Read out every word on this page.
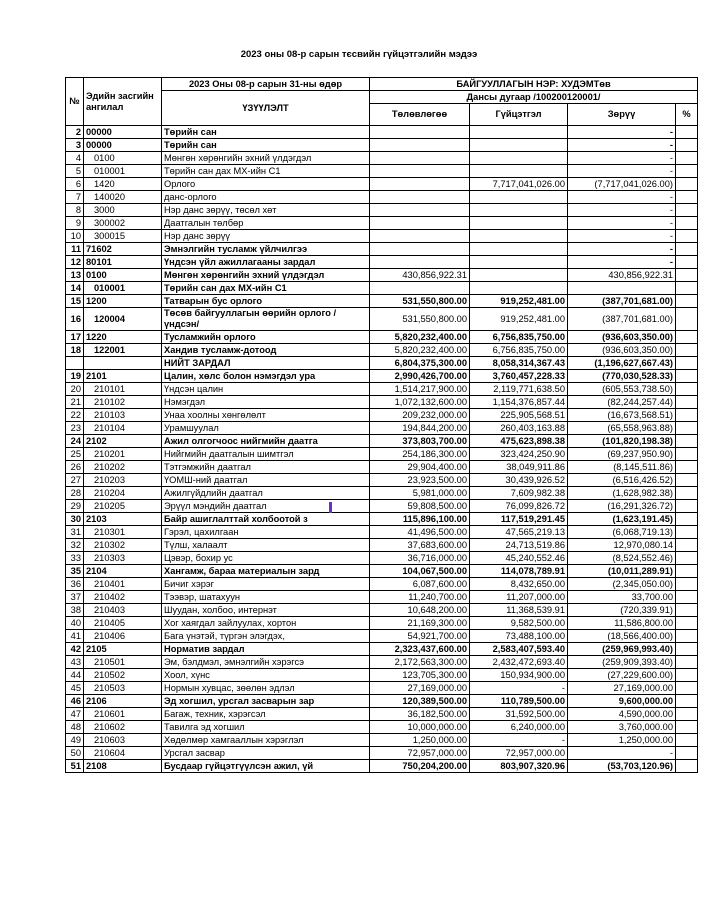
2023 оны 08-р сарын тєсвийн гүйцэтгэлийн мэдээ
№	Эдийн засгийн ангилал	2023 Оны 08-р сарын 31-ны өдөр	БАЙГУУЛЛАГЫН НЭР: ХУДЭМТөв			
		ҮЗҮҮЛЭЛТ	Дансы дугаар /100200120001/			
			Төлөвлөгөө	Гүйцэтгэл	Зөрүү	%
2	00000	Төрийн сан			-	
3	00000	Төрийн сан			-	
4	0100	Мөнгөн хөрөнгийн эхний үлдэгдэл			-	
5	010001	Төрийн сан дах МХ-ийн С1			-	
6	1420	Орлого		7,717,041,026.00	(7,717,041,026.00)	
7	140020	данс-орлого			-	
8	3000	Нэр данс зөрүү, төсөл хөт			-	
9	300002	Даатгалын төлбөр			-	
10	300015	Нэр данс зөрүү			-	
11	71602	Эмнэлгийн тусламж үйлчилгээ			-	
12	80101	Үндсэн үйл ажиллагааны зардал			-	
13	0100	Мөнгөн хөрөнгийн эхний үлдэгдэл	430,856,922.31		430,856,922.31	
14	010001	Төрийн сан дах МХ-ийн С1				
15	1200	Татварын бус орлого	531,550,800.00	919,252,481.00	(387,701,681.00)	
16	120004	Төсөв байгууллагын өөрийн орлого /үндсэн/	531,550,800.00	919,252,481.00	(387,701,681.00)	
17	1220	Тусламжийн орлого	5,820,232,400.00	6,756,835,750.00	(936,603,350.00)	
18	122001	Хандив тусламж-дотоод	5,820,232,400.00	6,756,835,750.00	(936,603,350.00)	
		НИЙТ ЗАРДАЛ	6,804,375,300.00	8,058,314,367.43	(1,196,627,667.43)	
19	2101	Цалин, хөлс болон нэмэгдэл ура	2,990,426,700.00	3,760,457,228.33	(770,030,528.33)	
20	210101	Үндсэн цалин	1,514,217,900.00	2,119,771,638.50	(605,553,738.50)	
21	210102	Нэмэгдэл	1,072,132,600.00	1,154,376,857.44	(82,244,257.44)	
22	210103	Унаа хоолны хөнгөлөлт	209,232,000.00	225,905,568.51	(16,673,568.51)	
23	210104	Урамшуулал	194,844,200.00	260,403,163.88	(65,558,963.88)	
24	2102	Ажил олгогчоос нийгмийн даатга	373,803,700.00	475,623,898.38	(101,820,198.38)	
25	210201	Нийгмийн даатгалын шимтгэл	254,186,300.00	323,424,250.90	(69,237,950.90)	
26	210202	Тэтгэмжийн даатгал	29,904,400.00	38,049,911.86	(8,145,511.86)	
27	210203	ҮОМШ-ний даатгал	23,923,500.00	30,439,926.52	(6,516,426.52)	
28	210204	Ажилгүйдлийн даатгал	5,981,000.00	7,609,982.38	(1,628,982.38)	
29	210205	Эрүүл мэндийн даатгал	59,808,500.00	76,099,826.72	(16,291,326.72)	
30	2103	Байр ашиглалттай холбоотой з	115,896,100.00	117,519,291.45	(1,623,191.45)	
31	210301	Гэрэл, цахилгаан	41,496,500.00	47,565,219.13	(6,068,719.13)	
32	210302	Түлш, халаалт	37,683,600.00	24,713,519.86	12,970,080.14	
33	210303	Цэвэр, бохир ус	36,716,000.00	45,240,552.46	(8,524,552.46)	
35	2104	Хангамж, бараа материалын зард	104,067,500.00	114,078,789.91	(10,011,289.91)	
36	210401	Бичиг хэрэг	6,087,600.00	8,432,650.00	(2,345,050.00)	
37	210402	Тээвэр, шатахуун	11,240,700.00	11,207,000.00	33,700.00	
38	210403	Шуудан, холбоо, интернэт	10,648,200.00	11,368,539.91	(720,339.91)	
40	210405	Хог хаягдал зайлуулах, хортон	21,169,300.00	9,582,500.00	11,586,800.00	
41	210406	Бага үнэтэй, түргэн элэгдэх,	54,921,700.00	73,488,100.00	(18,566,400.00)	
42	2105	Норматив зардал	2,323,437,600.00	2,583,407,593.40	(259,969,993.40)	
43	210501	Эм, бэлдмэл, эмнэлгийн хэрэгсэ	2,172,563,300.00	2,432,472,693.40	(259,909,393.40)	
44	210502	Хоол, хүнс	123,705,300.00	150,934,900.00	(27,229,600.00)	
45	210503	Нормын хувцас, зөөлөн эдлэл	27,169,000.00	-	27,169,000.00	
46	2106	Эд хогшил, урсгал засварын зар	120,389,500.00	110,789,500.00	9,600,000.00	
47	210601	Багаж, техник, хэрэгсэл	36,182,500.00	31,592,500.00	4,590,000.00	
48	210602	Тавилга эд хогшил	10,000,000.00	6,240,000.00	3,760,000.00	
49	210603	Хөдөлмөр хамгааллын хэрэглэл	1,250,000.00	-	1,250,000.00	
50	210604	Урсгал засвар	72,957,000.00	72,957,000.00	-	
51	2108	Бусдаар гүйцэтгүүлсэн ажил, үй	750,204,200.00	803,907,320.96	(53,703,120.96)	
